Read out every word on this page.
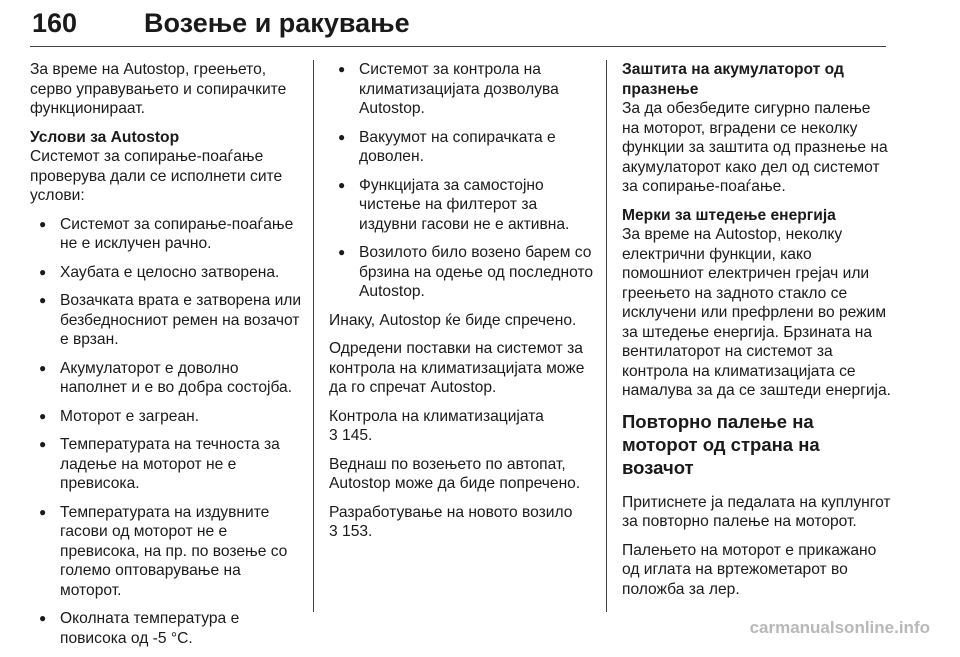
160 Возење и ракување

За време на Autostop, греењето, серво управувањето и сопирачките функционираат.

Услови за Autostop

Системот за сопирање-поаѓање проверува дали се исполнети сите услови:

● Системот за сопирање-поаѓање не е исклучен рачно.
● Хаубата е целосно затворена.
● Возачката врата е затворена или безбедносниот ремен на возачот е врзан.
● Акумулаторот е доволно наполнет и е во добра состојба.
● Моторот е загреан.
● Температурата на течноста за ладење на моторот не е превисока.
● Температурата на издувните гасови од моторот не е превисока, на пр. по возење со големо оптоварување на моторот.
● Околната температура е повисока од -5 °C.
● Системот за контрола на климатизацијата дозволува Autostop.
● Вакуумот на сопирачката е доволен.
● Функцијата за самостојно чистење на филтерот за издувни гасови не е активна.
● Возилото било возено барем со брзина на одење од последното Autostop.

Инаку, Autostop ќе биде спречено.

Одредени поставки на системот за контрола на климатизацијата може да го спречат Autostop.

Контрола на климатизацијата
3 145.

Веднаш по возењето по автопат, Autostop може да биде попречено.

Разработување на новото возило
3 153.

Заштита на акумулаторот од празнење

За да обезбедите сигурно палење на моторот, вградени се неколку функции за заштита од празнење на акумулаторот како дел од системот за сопирање-поаѓање.

Мерки за штедење енергија

За време на Autostop, неколку електрични функции, како помошниот електричен грејач или греењето на задното стакло се исклучени или префрлени во режим за штедење енергија. Брзината на вентилаторот на системот за контрола на климатизацијата се намалува за да се заштеди енергија.

Повторно палење на моторот од страна на возачот

Притиснете ја педалата на куплунгот за повторно палење на моторот.

Палењето на моторот е прикажано од иглата на вртежометарот во положба за лер.

carmanualsonline.info
